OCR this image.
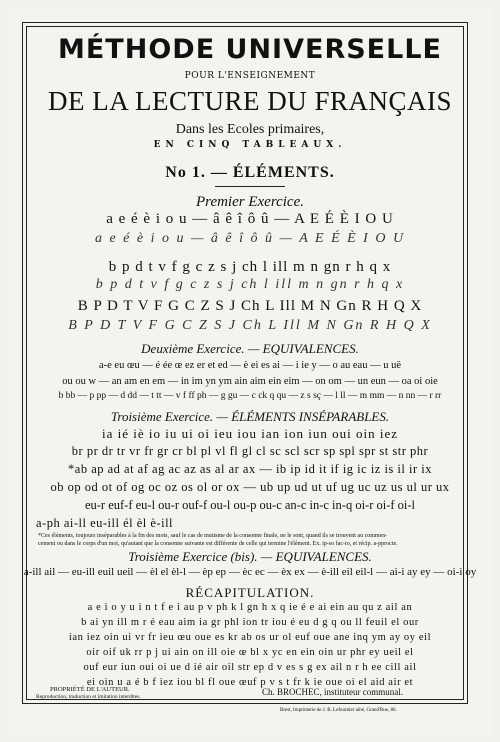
MÉTHODE UNIVERSELLE
POUR L'ENSEIGNEMENT
DE LA LECTURE DU FRANÇAIS
Dans les Ecoles primaires,
EN CINQ TABLEAUX.
No 1. — ÉLÉMENTS.
Premier Exercice.
a e é è i o u — â ê î ô û — A E É È I O U
a e é è i o u — â ê î ô û — A E É È I O U
b p d t v f g c z s j ch l ill m n gn r h q x
b p d t v f g c z s j ch l ill m n gn r h q x
B P D T V F G C Z S J Ch L Ill M N Gn R H Q X
B P D T V F G C Z S J Ch L Ill M N Gn R H Q X
Deuxième Exercice. — EQUIVALENCES.
a-e eu œu — é ée œ ez er et ed — è ei es ai — i ie y — o au eau — u uë
ou ou w — an am en em — in im yn ym ain aim ein eim — on om — un eun — oa oi oie
b bb — p pp — d dd — t tt — v f ff ph — g gu — c ck q qu — z s sç — l ll — m mm — n nn — r rr
Troisième Exercice. — ÉLÉMENTS INSÉPARABLES.
ia ié iè io iu ui oi ieu iou ian ion iun oui oin iez
br pr dr tr vr fr gr cr bl pl vl fl gl cl sc scl scr sp spl spr st str phr
*ab ap ad at af ag ac az as al ar ax — ib ip id it if ig ic iz is il ir ix
ob op od ot of og oc oz os ol or ox — ub up ud ut uf ug uc uz us ul ur ux
eu-r euf-f eu-l ou-r ouf-f ou-l ou-p ou-c an-c in-c in-q oi-r oi-f oi-l
a-ph ai-ll eu-ill él èl è-ill
*Ces éléments, toujours inséparables à la fin des mots, sauf le cas de mutisme de la consonne finale, ne le sont, quand ils se trouvent au commen-
cement ou dans le corps d'un mot, qu'autant que la consonne suivante est différente de celle qui termine l'élément. Ex. ip-so fac-to, et récip. a-pprocte.
Troisième Exercice (bis). — EQUIVALENCES.
a-ill ail — eu-ill euil ueil — èl el èl-l — èp ep — èc ec — èx ex — è-ill eil eil-l — ai-i ay ey — oi-i oy
RÉCAPITULATION.
a e i o y u i n t f e i au p v ph k l gn h x q ie é e ai ein au qu z ail an
b ai yn ill m r é eau aim ia gr phl ion tr iou é eu d g q ou ll feuil el our
ian iez oin ui vr fr ieu œu oue es kr ab os ur ol euf oue ane inq ym ay oy eil
oir oif uk rr p j ui ain on ill oie œ bl x yc en ein oin ur phr ey ueil el
ouf eur iun oui oi ue d ié air oil str ep d v es s g ex ail n r h ee cill ail
ei oin u a é b f iez iou bl fl oue œuf p v s t fr k ie oue oi el aid air et
PROPRIÉTÉ DE L'AUTEUR.
Reproduction, traduction et imitation interdites.	Ch. BROCHEC, instituteur communal.
Brest, Imprimerie de J. B. Lefournier aîné, Grand'Rue, 86.
